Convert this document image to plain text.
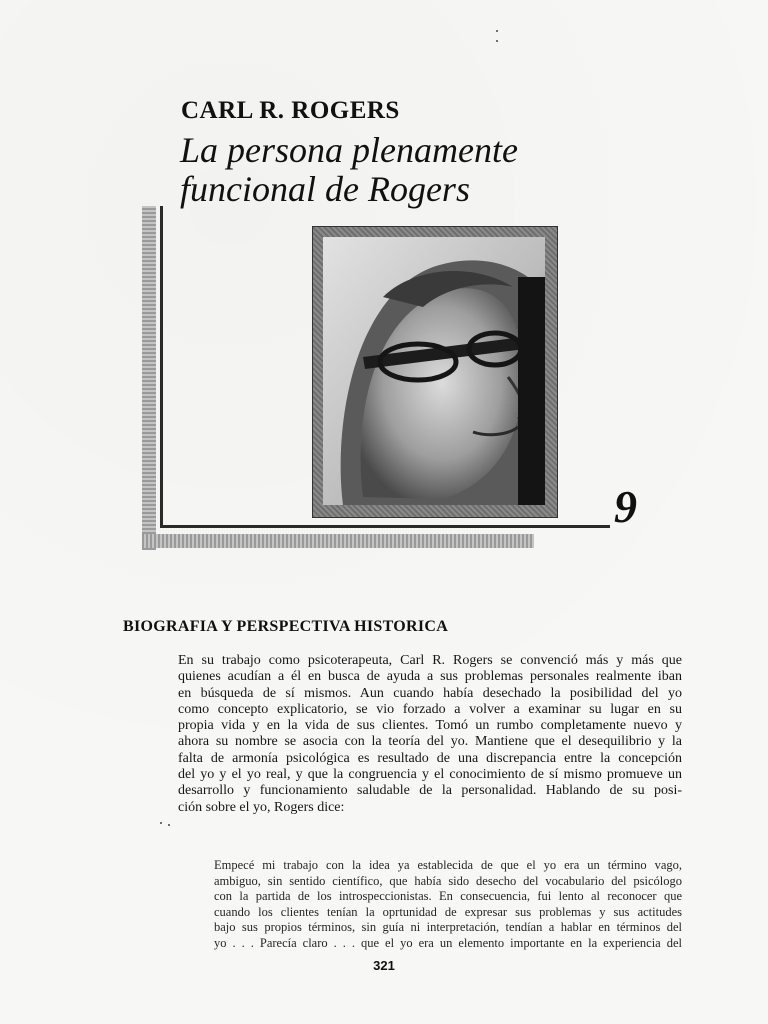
CARL R. ROGERS
La persona plenamente
funcional de Rogers
9
BIOGRAFIA Y PERSPECTIVA HISTORICA
En su trabajo como psicoterapeuta, Carl R. Rogers se convenció más y más que
quienes acudían a él en busca de ayuda a sus problemas personales realmente iban
en búsqueda de sí mismos. Aun cuando había desechado la posibilidad del yo
como concepto explicatorio, se vio forzado a volver a examinar su lugar en su
propia vida y en la vida de sus clientes. Tomó un rumbo completamente nuevo y
ahora su nombre se asocia con la teoría del yo. Mantiene que el desequilibrio y la
falta de armonía psicológica es resultado de una discrepancia entre la concepción
del yo y el yo real, y que la congruencia y el conocimiento de sí mismo promueve un
desarrollo y funcionamiento saludable de la personalidad. Hablando de su posi-
ción sobre el yo, Rogers dice:
Empecé mi trabajo con la idea ya establecida de que el yo era un término vago,
ambiguo, sin sentido científico, que había sido desecho del vocabulario del psicólogo
con la partida de los introspeccionistas. En consecuencia, fui lento al reconocer que
cuando los clientes tenían la oprtunidad de expresar sus problemas y sus actitudes
bajo sus propios términos, sin guía ni interpretación, tendían a hablar en términos del
yo . . . Parecía claro . . . que el yo era un elemento importante en la experiencia del
321
